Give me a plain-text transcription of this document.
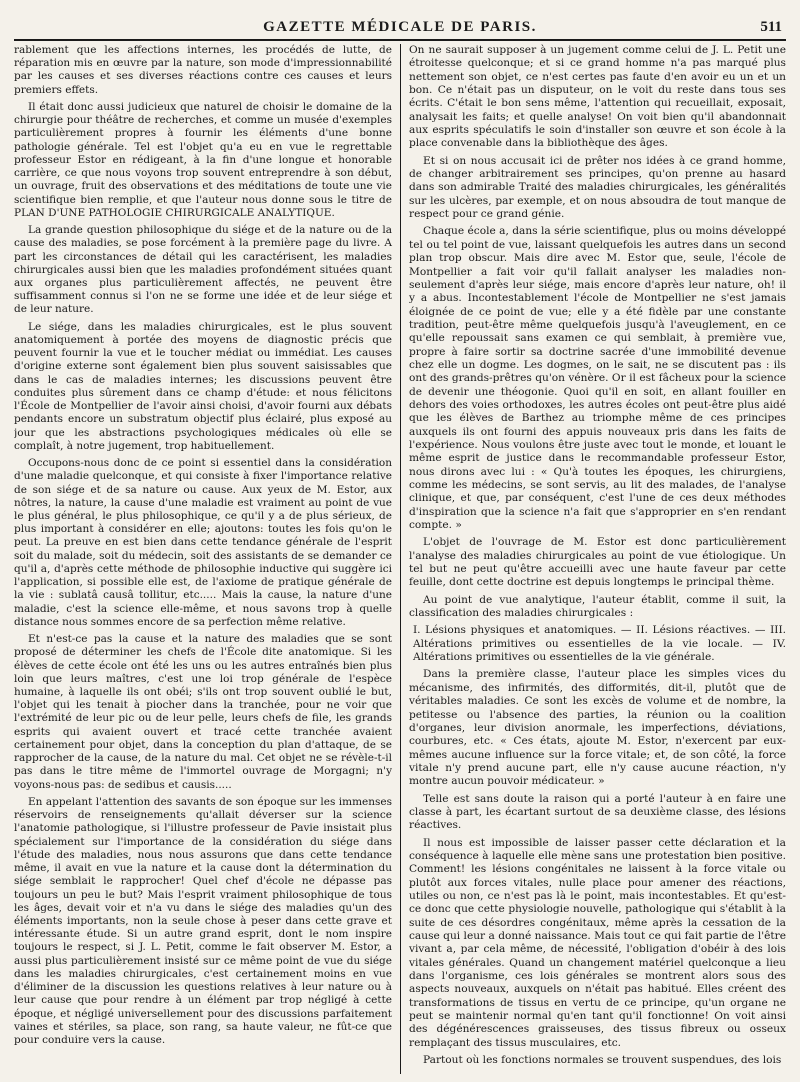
GAZETTE MÉDICALE DE PARIS.	511

rablement que les affections internes, les procédés de lutte, de réparation mis en œuvre par la nature, son mode d'impressionnabilité par les causes et ses diverses réactions contre ces causes et leurs premiers effets.

Il était donc aussi judicieux que naturel de choisir le domaine de la chirurgie pour théâtre de recherches, et comme un musée d'exemples particulièrement propres à fournir les éléments d'une bonne pathologie générale. Tel est l'objet qu'a eu en vue le regrettable professeur Estor en rédigeant, à la fin d'une longue et honorable carrière, ce que nous voyons trop souvent entreprendre à son début, un ouvrage, fruit des observations et des méditations de toute une vie scientifique bien remplie, et que l'auteur nous donne sous le titre de PLAN D'UNE PATHOLOGIE CHIRURGICALE ANALYTIQUE.

La grande question philosophique du siége et de la nature ou de la cause des maladies, se pose forcément à la première page du livre. A part les circonstances de détail qui les caractérisent, les maladies chirurgicales aussi bien que les maladies profondément situées quant aux organes plus particulièrement affectés, ne peuvent être suffisamment connus si l'on ne se forme une idée et de leur siége et de leur nature.

Le siége, dans les maladies chirurgicales, est le plus souvent anatomiquement à portée des moyens de diagnostic précis que peuvent fournir la vue et le toucher médiat ou immédiat. Les causes d'origine externe sont également bien plus souvent saisissables que dans le cas de maladies internes; les discussions peuvent être conduites plus sûrement dans ce champ d'étude: et nous félicitons l'École de Montpellier de l'avoir ainsi choisi, d'avoir fourni aux débats pendants encore un substratum objectif plus éclairé, plus exposé au jour que les abstractions psychologiques médicales où elle se complaît, à notre jugement, trop habituellement.

Occupons-nous donc de ce point si essentiel dans la considération d'une maladie quelconque, et qui consiste à fixer l'importance relative de son siége et de sa nature ou cause. Aux yeux de M. Estor, aux nôtres, la nature, la cause d'une maladie est vraiment au point de vue le plus général, le plus philosophique, ce qu'il y a de plus sérieux, de plus important à considérer en elle; ajoutons: toutes les fois qu'on le peut. La preuve en est bien dans cette tendance générale de l'esprit soit du malade, soit du médecin, soit des assistants de se demander ce qu'il a, d'après cette méthode de philosophie inductive qui suggère ici l'application, si possible elle est, de l'axiome de pratique générale de la vie : sublatâ causâ tollitur, etc..... Mais la cause, la nature d'une maladie, c'est la science elle-même, et nous savons trop à quelle distance nous sommes encore de sa perfection même relative.

Et n'est-ce pas la cause et la nature des maladies que se sont proposé de déterminer les chefs de l'École dite anatomique. Si les élèves de cette école ont été les uns ou les autres entraînés bien plus loin que leurs maîtres, c'est une loi trop générale de l'espèce humaine, à laquelle ils ont obéi; s'ils ont trop souvent oublié le but, l'objet qui les tenait à piocher dans la tranchée, pour ne voir que l'extrémité de leur pic ou de leur pelle, leurs chefs de file, les grands esprits qui avaient ouvert et tracé cette tranchée avaient certainement pour objet, dans la conception du plan d'attaque, de se rapprocher de la cause, de la nature du mal. Cet objet ne se révèle-t-il pas dans le titre même de l'immortel ouvrage de Morgagni; n'y voyons-nous pas: de sedibus et causis.....

En appelant l'attention des savants de son époque sur les immenses réservoirs de renseignements qu'allait déverser sur la science l'anatomie pathologique, si l'illustre professeur de Pavie insistait plus spécialement sur l'importance de la considération du siége dans l'étude des maladies, nous nous assurons que dans cette tendance même, il avait en vue la nature et la cause dont la détermination du siége semblait le rapprocher! Quel chef d'école ne dépasse pas toujours un peu le but? Mais l'esprit vraiment philosophique de tous les âges, devait voir et n'a vu dans le siége des maladies qu'un des éléments importants, non la seule chose à peser dans cette grave et intéressante étude. Si un autre grand esprit, dont le nom inspire toujours le respect, si J. L. Petit, comme le fait observer M. Estor, a aussi plus particulièrement insisté sur ce même point de vue du siége dans les maladies chirurgicales, c'est certainement moins en vue d'éliminer de la discussion les questions relatives à leur nature ou à leur cause que pour rendre à un élément par trop négligé à cette époque, et négligé universellement pour des discussions parfaitement vaines et stériles, sa place, son rang, sa haute valeur, ne fût-ce que pour conduire vers la cause.

On ne saurait supposer à un jugement comme celui de J. L. Petit une étroitesse quelconque; et si ce grand homme n'a pas marqué plus nettement son objet, ce n'est certes pas faute d'en avoir eu un et un bon. Ce n'était pas un disputeur, on le voit du reste dans tous ses écrits. C'était le bon sens même, l'attention qui recueillait, exposait, analysait les faits; et quelle analyse! On voit bien qu'il abandonnait aux esprits spéculatifs le soin d'installer son œuvre et son école à la place convenable dans la bibliothèque des âges.

Et si on nous accusait ici de prêter nos idées à ce grand homme, de changer arbitrairement ses principes, qu'on prenne au hasard dans son admirable Traité des maladies chirurgicales, les généralités sur les ulcères, par exemple, et on nous absoudra de tout manque de respect pour ce grand génie.

Chaque école a, dans la série scientifique, plus ou moins développé tel ou tel point de vue, laissant quelquefois les autres dans un second plan trop obscur. Mais dire avec M. Estor que, seule, l'école de Montpellier a fait voir qu'il fallait analyser les maladies non-seulement d'après leur siége, mais encore d'après leur nature, oh! il y a abus. Incontestablement l'école de Montpellier ne s'est jamais éloignée de ce point de vue; elle y a été fidèle par une constante tradition, peut-être même quelquefois jusqu'à l'aveuglement, en ce qu'elle repoussait sans examen ce qui semblait, à première vue, propre à faire sortir sa doctrine sacrée d'une immobilité devenue chez elle un dogme. Les dogmes, on le sait, ne se discutent pas : ils ont des grands-prêtres qu'on vénère. Or il est fâcheux pour la science de devenir une théogonie. Quoi qu'il en soit, en allant fouiller en dehors des voies orthodoxes, les autres écoles ont peut-être plus aidé que les élèves de Barthez au triomphe même de ces principes auxquels ils ont fourni des appuis nouveaux pris dans les faits de l'expérience. Nous voulons être juste avec tout le monde, et louant le même esprit de justice dans le recommandable professeur Estor, nous dirons avec lui : « Qu'à toutes les époques, les chirurgiens, comme les médecins, se sont servis, au lit des malades, de l'analyse clinique, et que, par conséquent, c'est l'une de ces deux méthodes d'inspiration que la science n'a fait que s'approprier en s'en rendant compte. »

L'objet de l'ouvrage de M. Estor est donc particulièrement l'analyse des maladies chirurgicales au point de vue étiologique. Un tel but ne peut qu'être accueilli avec une haute faveur par cette feuille, dont cette doctrine est depuis longtemps le principal thème.

Au point de vue analytique, l'auteur établit, comme il suit, la classification des maladies chirurgicales :

I. Lésions physiques et anatomiques. — II. Lésions réactives. — III. Altérations primitives ou essentielles de la vie locale. — IV. Altérations primitives ou essentielles de la vie générale.

Dans la première classe, l'auteur place les simples vices du mécanisme, des infirmités, des difformités, dit-il, plutôt que de véritables maladies. Ce sont les excès de volume et de nombre, la petitesse ou l'absence des parties, la réunion ou la coalition d'organes, leur division anormale, les imperfections, déviations, courbures, etc. « Ces états, ajoute M. Estor, n'exercent par eux-mêmes aucune influence sur la force vitale; et, de son côté, la force vitale n'y prend aucune part, elle n'y cause aucune réaction, n'y montre aucun pouvoir médicateur. »

Telle est sans doute la raison qui a porté l'auteur à en faire une classe à part, les écartant surtout de sa deuxième classe, des lésions réactives.

Il nous est impossible de laisser passer cette déclaration et la conséquence à laquelle elle mène sans une protestation bien positive. Comment! les lésions congénitales ne laissent à la force vitale ou plutôt aux forces vitales, nulle place pour amener des réactions, utiles ou non, ce n'est pas là le point, mais incontestables. Et qu'est-ce donc que cette physiologie nouvelle, pathologique qui s'établit à la suite de ces désordres congénitaux, même après la cessation de la cause qui leur a donné naissance. Mais tout ce qui fait partie de l'être vivant a, par cela même, de nécessité, l'obligation d'obéir à des lois vitales générales. Quand un changement matériel quelconque a lieu dans l'organisme, ces lois générales se montrent alors sous des aspects nouveaux, auxquels on n'était pas habitué. Elles créent des transformations de tissus en vertu de ce principe, qu'un organe ne peut se maintenir normal qu'en tant qu'il fonctionne! On voit ainsi des dégénérescences graisseuses, des tissus fibreux ou osseux remplaçant des tissus musculaires, etc.

Partout où les fonctions normales se trouvent suspendues, des lois
